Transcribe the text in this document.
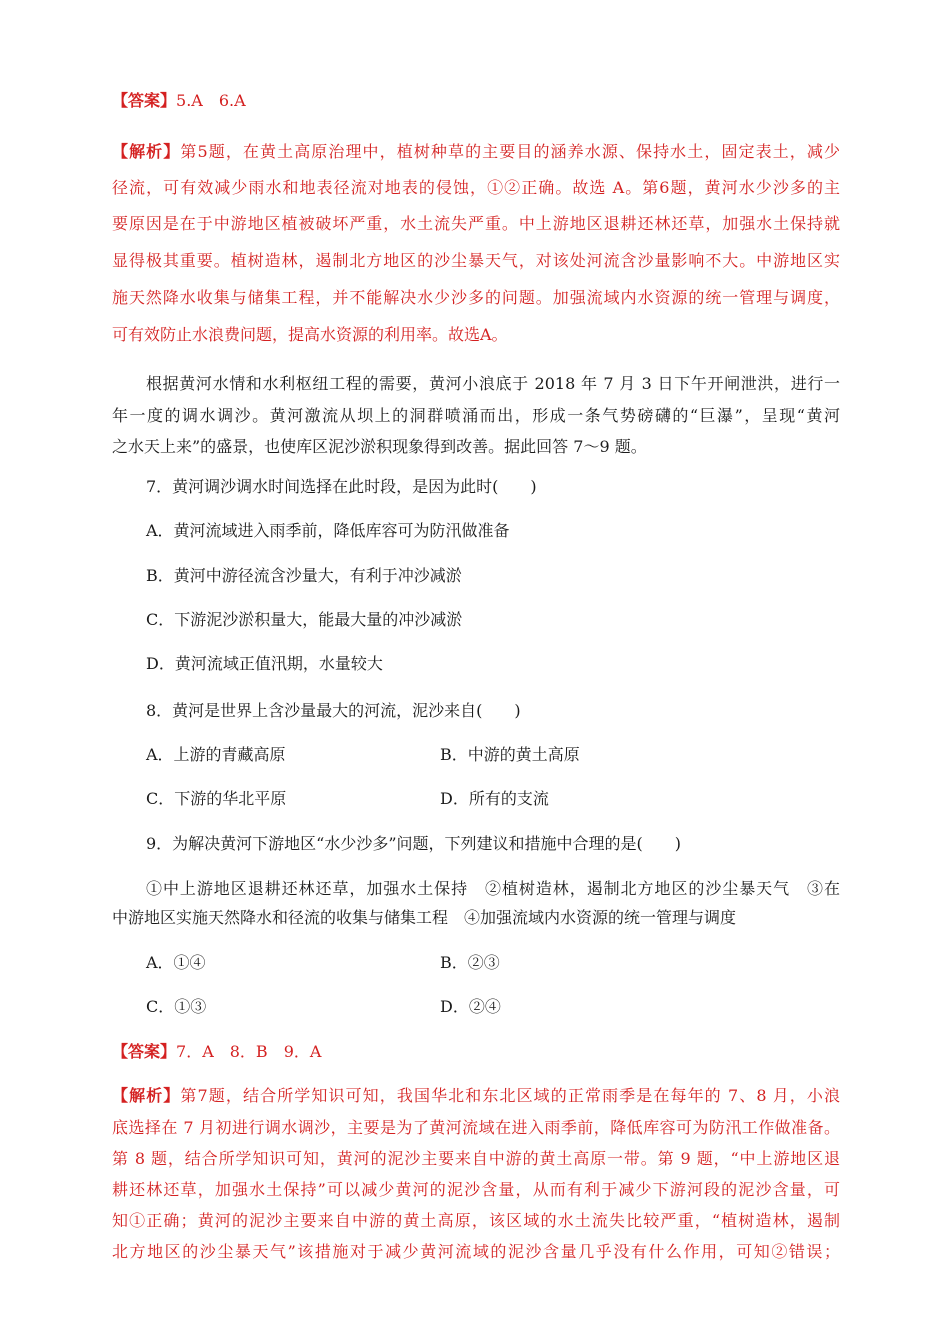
【答案】5.A　6.A
【解析】第5题，在黄土高原治理中，植树种草的主要目的涵养水源、保持水土，固定表土，减少
径流，可有效减少雨水和地表径流对地表的侵蚀，①②正确。故选 A。第6题，黄河水少沙多的主
要原因是在于中游地区植被破坏严重，水土流失严重。中上游地区退耕还林还草，加强水土保持就
显得极其重要。植树造林，遏制北方地区的沙尘暴天气，对该处河流含沙量影响不大。中游地区实
施天然降水收集与储集工程，并不能解决水少沙多的问题。加强流域内水资源的统一管理与调度，
可有效防止水浪费问题，提高水资源的利用率。故选A。
根据黄河水情和水利枢纽工程的需要，黄河小浪底于 2018 年 7 月 3 日下午开闸泄洪，进行一
年一度的调水调沙。黄河激流从坝上的洞群喷涌而出，形成一条气势磅礴的“巨瀑”，呈现“黄河
之水天上来”的盛景，也使库区泥沙淤积现象得到改善。据此回答 7～9 题。
7．黄河调沙调水时间选择在此时段，是因为此时(　　)
A．黄河流域进入雨季前，降低库容可为防汛做准备
B．黄河中游径流含沙量大，有利于冲沙减淤
C．下游泥沙淤积量大，能最大量的冲沙减淤
D．黄河流域正值汛期，水量较大
8．黄河是世界上含沙量最大的河流，泥沙来自(　　)
A．上游的青藏高原	B．中游的黄土高原
C．下游的华北平原	D．所有的支流
9．为解决黄河下游地区“水少沙多”问题，下列建议和措施中合理的是(　　)
①中上游地区退耕还林还草，加强水土保持　②植树造林，遏制北方地区的沙尘暴天气　③在
中游地区实施天然降水和径流的收集与储集工程　④加强流域内水资源的统一管理与调度
A．①④	B．②③
C．①③	D．②④
【答案】7．A　8．B　9．A
【解析】第7题，结合所学知识可知，我国华北和东北区域的正常雨季是在每年的 7、8 月，小浪
底选择在 7 月初进行调水调沙，主要是为了黄河流域在进入雨季前，降低库容可为防汛工作做准备。
第 8 题，结合所学知识可知，黄河的泥沙主要来自中游的黄土高原一带。第 9 题，“中上游地区退
耕还林还草，加强水土保持”可以减少黄河的泥沙含量，从而有利于减少下游河段的泥沙含量，可
知①正确；黄河的泥沙主要来自中游的黄土高原，该区域的水土流失比较严重，“植树造林，遏制
北方地区的沙尘暴天气”该措施对于减少黄河流域的泥沙含量几乎没有什么作用，可知②错误；
